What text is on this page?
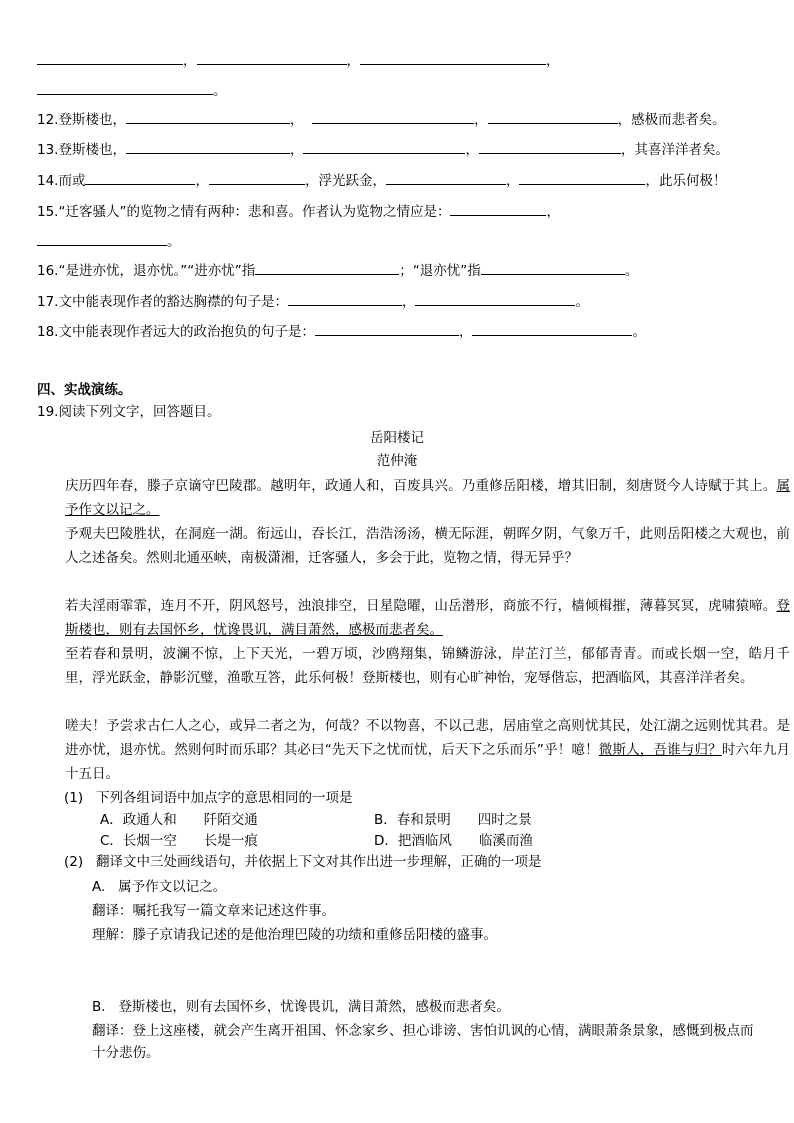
，	，	，
。
12.登斯楼也，	，	，	，感极而悲者矣。
13.登斯楼也，	，	，	，其喜洋洋者矣。
14.而或	，	，浮光跃金，	，	，此乐何极！
15.“迁客骚人”的览物之情有两种：悲和喜。作者认为览物之情应是：	，
。
16.“是进亦忧，退亦忧。”“进亦忧”指	；“退亦忧”指	。
17.文中能表现作者的豁达胸襟的句子是：	，	。
18.文中能表现作者远大的政治抱负的句子是：	，	。
四、实战演练。
19.阅读下列文字，回答题目。
岳阳楼记
范仲淹
庆历四年春，滕子京谪守巴陵郡。越明年，政通人和，百废具兴。乃重修岳阳楼，增其旧制，刻唐贤今人诗赋于其上。属予作文以记之。
予观夫巴陵胜状，在洞庭一湖。衔远山，吞长江，浩浩汤汤，横无际涯，朝晖夕阴，气象万千，此则岳阳楼之大观也，前人之述备矣。然则北通巫峡，南极潇湘，迁客骚人，多会于此，览物之情，得无异乎？
若夫淫雨霏霏，连月不开，阴风怒号，浊浪排空，日星隐曜，山岳潜形，商旅不行，樯倾楫摧，薄暮冥冥，虎啸猿啼。登斯楼也，则有去国怀乡，忧谗畏讥，满目萧然，感极而悲者矣。
至若春和景明，波澜不惊，上下天光，一碧万顷，沙鸥翔集，锦鳞游泳，岸芷汀兰，郁郁青青。而或长烟一空，皓月千里，浮光跃金，静影沉璧，渔歌互答，此乐何极！登斯楼也，则有心旷神怡，宠辱偕忘，把酒临风，其喜洋洋者矣。
嗟夫！予尝求古仁人之心，或异二者之为，何哉？不以物喜，不以己悲，居庙堂之高则忧其民，处江湖之远则忧其君。是进亦忧，退亦忧。然则何时而乐耶？其必曰“先天下之忧而忧，后天下之乐而乐”乎！噫！微斯人，吾谁与归？时六年九月十五日。
(1) 下列各组词语中加点字的意思相同的一项是
A．政通人和　　阡陌交通	B．春和景明　　四时之景
C．长烟一空　　长堤一痕	D．把酒临风　　临溪而渔
(2) 翻译文中三处画线语句，并依据上下文对其作出进一步理解，正确的一项是
A. 属予作文以记之。
翻译：嘱托我写一篇文章来记述这件事。
理解：滕子京请我记述的是他治理巴陵的功绩和重修岳阳楼的盛事。
B. 登斯楼也，则有去国怀乡，忧谗畏讥，满目萧然，感极而悲者矣。
翻译：登上这座楼，就会产生离开祖国、怀念家乡、担心诽谤、害怕讥讽的心情，满眼萧条景象，感慨到极点而十分悲伤。
